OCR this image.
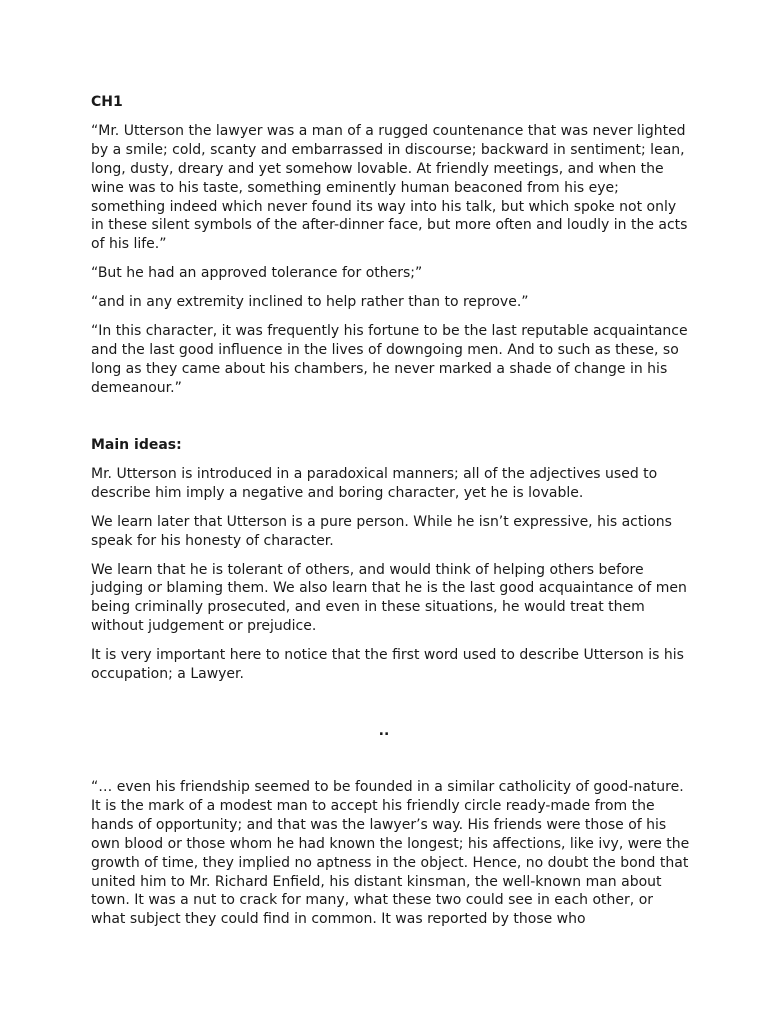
CH1

“Mr. Utterson the lawyer was a man of a rugged countenance that was never lighted by a smile; cold, scanty and embarrassed in discourse; backward in sentiment; lean, long, dusty, dreary and yet somehow lovable. At friendly meetings, and when the wine was to his taste, something eminently human beaconed from his eye; something indeed which never found its way into his talk, but which spoke not only in these silent symbols of the after-dinner face, but more often and loudly in the acts of his life.”

“But he had an approved tolerance for others;”

“and in any extremity inclined to help rather than to reprove.”

“In this character, it was frequently his fortune to be the last reputable acquaintance and the last good influence in the lives of downgoing men. And to such as these, so long as they came about his chambers, he never marked a shade of change in his demeanour.”

Main ideas:

Mr. Utterson is introduced in a paradoxical manners; all of the adjectives used to describe him imply a negative and boring character, yet he is lovable.

We learn later that Utterson is a pure person. While he isn’t expressive, his actions speak for his honesty of character.

We learn that he is tolerant of others, and would think of helping others before judging or blaming them. We also learn that he is the last good acquaintance of men being criminally prosecuted, and even in these situations, he would treat them without judgement or prejudice.

It is very important here to notice that the first word used to describe Utterson is his occupation; a Lawyer.

..

“… even his friendship seemed to be founded in a similar catholicity of good-nature. It is the mark of a modest man to accept his friendly circle ready-made from the hands of opportunity; and that was the lawyer’s way. His friends were those of his own blood or those whom he had known the longest; his affections, like ivy, were the growth of time, they implied no aptness in the object. Hence, no doubt the bond that united him to Mr. Richard Enfield, his distant kinsman, the well-known man about town. It was a nut to crack for many, what these two could see in each other, or what subject they could find in common. It was reported by those who
